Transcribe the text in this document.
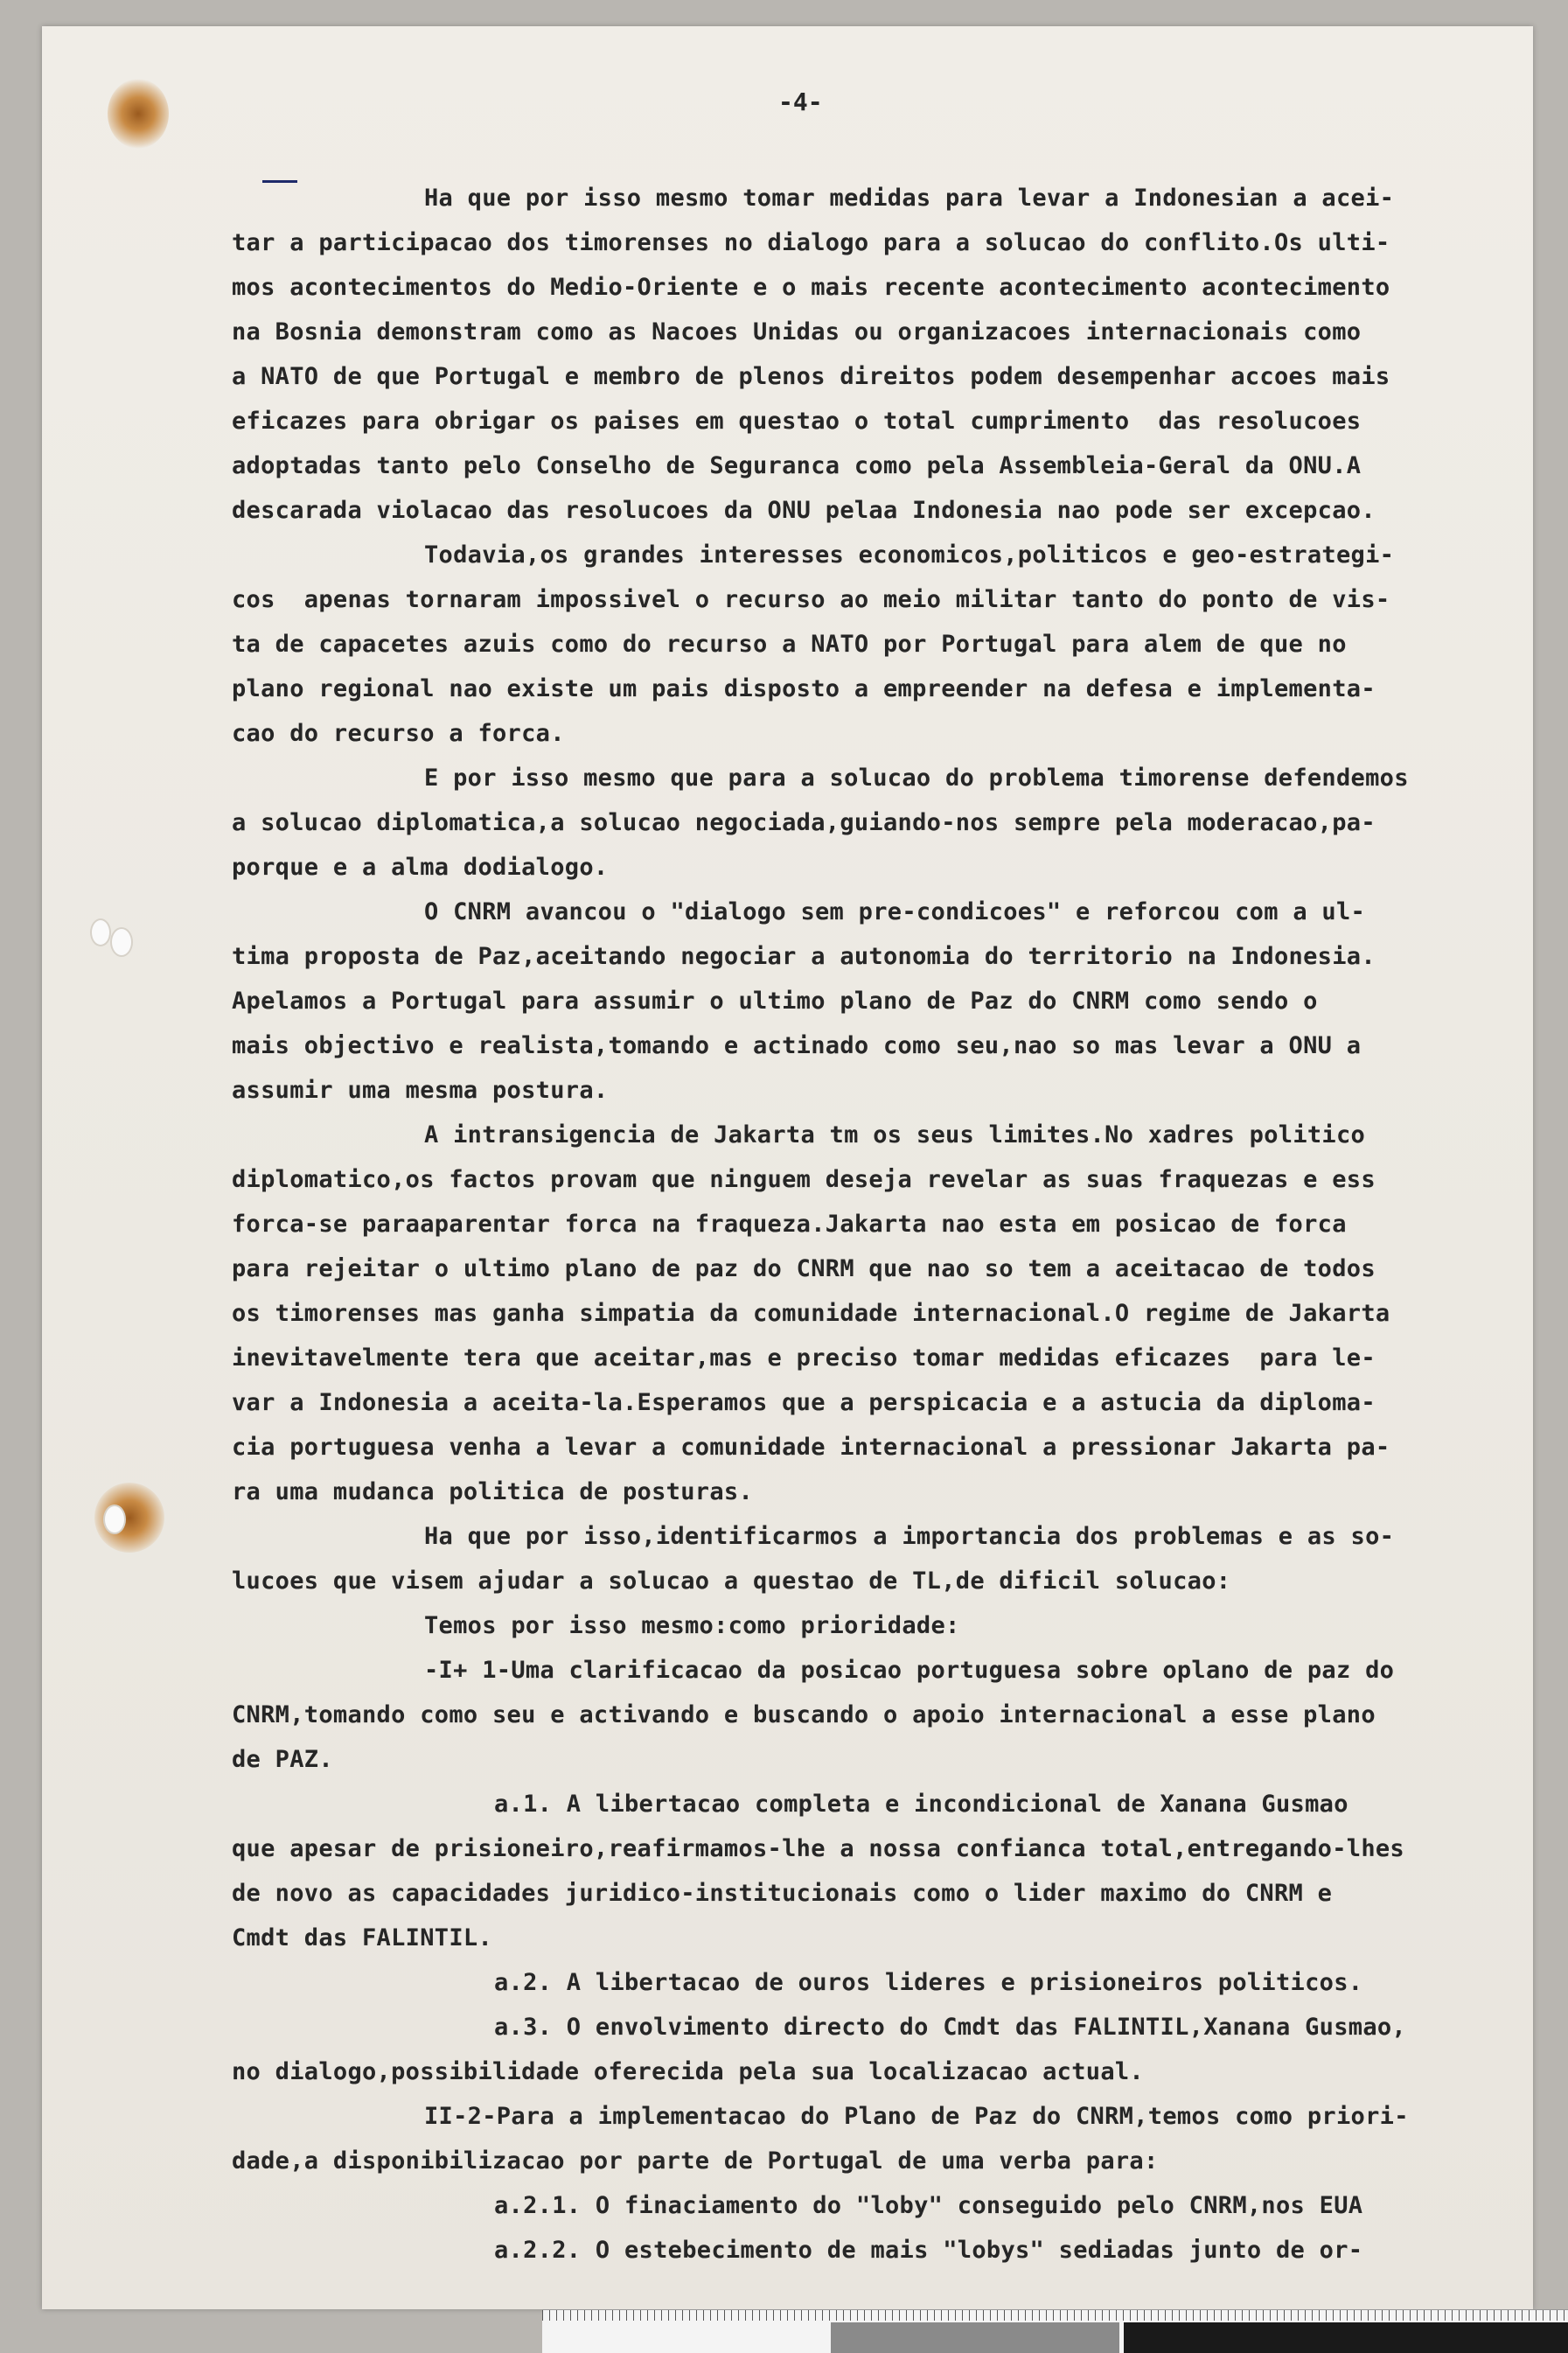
-4-
Ha que por isso mesmo tomar medidas para levar a Indonesian a acei-
tar a participacao dos timorenses no dialogo para a solucao do conflito.Os ulti-
mos acontecimentos do Medio-Oriente e o mais recente acontecimento acontecimento
na Bosnia demonstram como as Nacoes Unidas ou organizacoes internacionais como
a NATO de que Portugal e membro de plenos direitos podem desempenhar accoes mais
eficazes para obrigar os paises em questao o total cumprimento  das resolucoes
adoptadas tanto pelo Conselho de Seguranca como pela Assembleia-Geral da ONU.A
descarada violacao das resolucoes da ONU pelaa Indonesia nao pode ser excepcao.
Todavia,os grandes interesses economicos,politicos e geo-estrategi-
cos  apenas tornaram impossivel o recurso ao meio militar tanto do ponto de vis-
ta de capacetes azuis como do recurso a NATO por Portugal para alem de que no
plano regional nao existe um pais disposto a empreender na defesa e implementa-
cao do recurso a forca.
E por isso mesmo que para a solucao do problema timorense defendemos
a solucao diplomatica,a solucao negociada,guiando-nos sempre pela moderacao,pa-
porque e a alma dodialogo.
O CNRM avancou o "dialogo sem pre-condicoes" e reforcou com a ul-
tima proposta de Paz,aceitando negociar a autonomia do territorio na Indonesia.
Apelamos a Portugal para assumir o ultimo plano de Paz do CNRM como sendo o
mais objectivo e realista,tomando e actinado como seu,nao so mas levar a ONU a
assumir uma mesma postura.
A intransigencia de Jakarta tm os seus limites.No xadres politico
diplomatico,os factos provam que ninguem deseja revelar as suas fraquezas e ess
forca-se paraaparentar forca na fraqueza.Jakarta nao esta em posicao de forca
para rejeitar o ultimo plano de paz do CNRM que nao so tem a aceitacao de todos
os timorenses mas ganha simpatia da comunidade internacional.O regime de Jakarta
inevitavelmente tera que aceitar,mas e preciso tomar medidas eficazes  para le-
var a Indonesia a aceita-la.Esperamos que a perspicacia e a astucia da diploma-
cia portuguesa venha a levar a comunidade internacional a pressionar Jakarta pa-
ra uma mudanca politica de posturas.
Ha que por isso,identificarmos a importancia dos problemas e as so-
lucoes que visem ajudar a solucao a questao de TL,de dificil solucao:
Temos por isso mesmo:como prioridade:
-I+ 1-Uma clarificacao da posicao portuguesa sobre oplano de paz do
CNRM,tomando como seu e activando e buscando o apoio internacional a esse plano
de PAZ.
a.1. A libertacao completa e incondicional de Xanana Gusmao
que apesar de prisioneiro,reafirmamos-lhe a nossa confianca total,entregando-lhes
de novo as capacidades juridico-institucionais como o lider maximo do CNRM e
Cmdt das FALINTIL.
a.2. A libertacao de ouros lideres e prisioneiros politicos.
a.3. O envolvimento directo do Cmdt das FALINTIL,Xanana Gusmao,
no dialogo,possibilidade oferecida pela sua localizacao actual.
II-2-Para a implementacao do Plano de Paz do CNRM,temos como priori-
dade,a disponibilizacao por parte de Portugal de uma verba para:
a.2.1. O finaciamento do "loby" conseguido pelo CNRM,nos EUA
a.2.2. O estebecimento de mais "lobys" sediadas junto de or-
